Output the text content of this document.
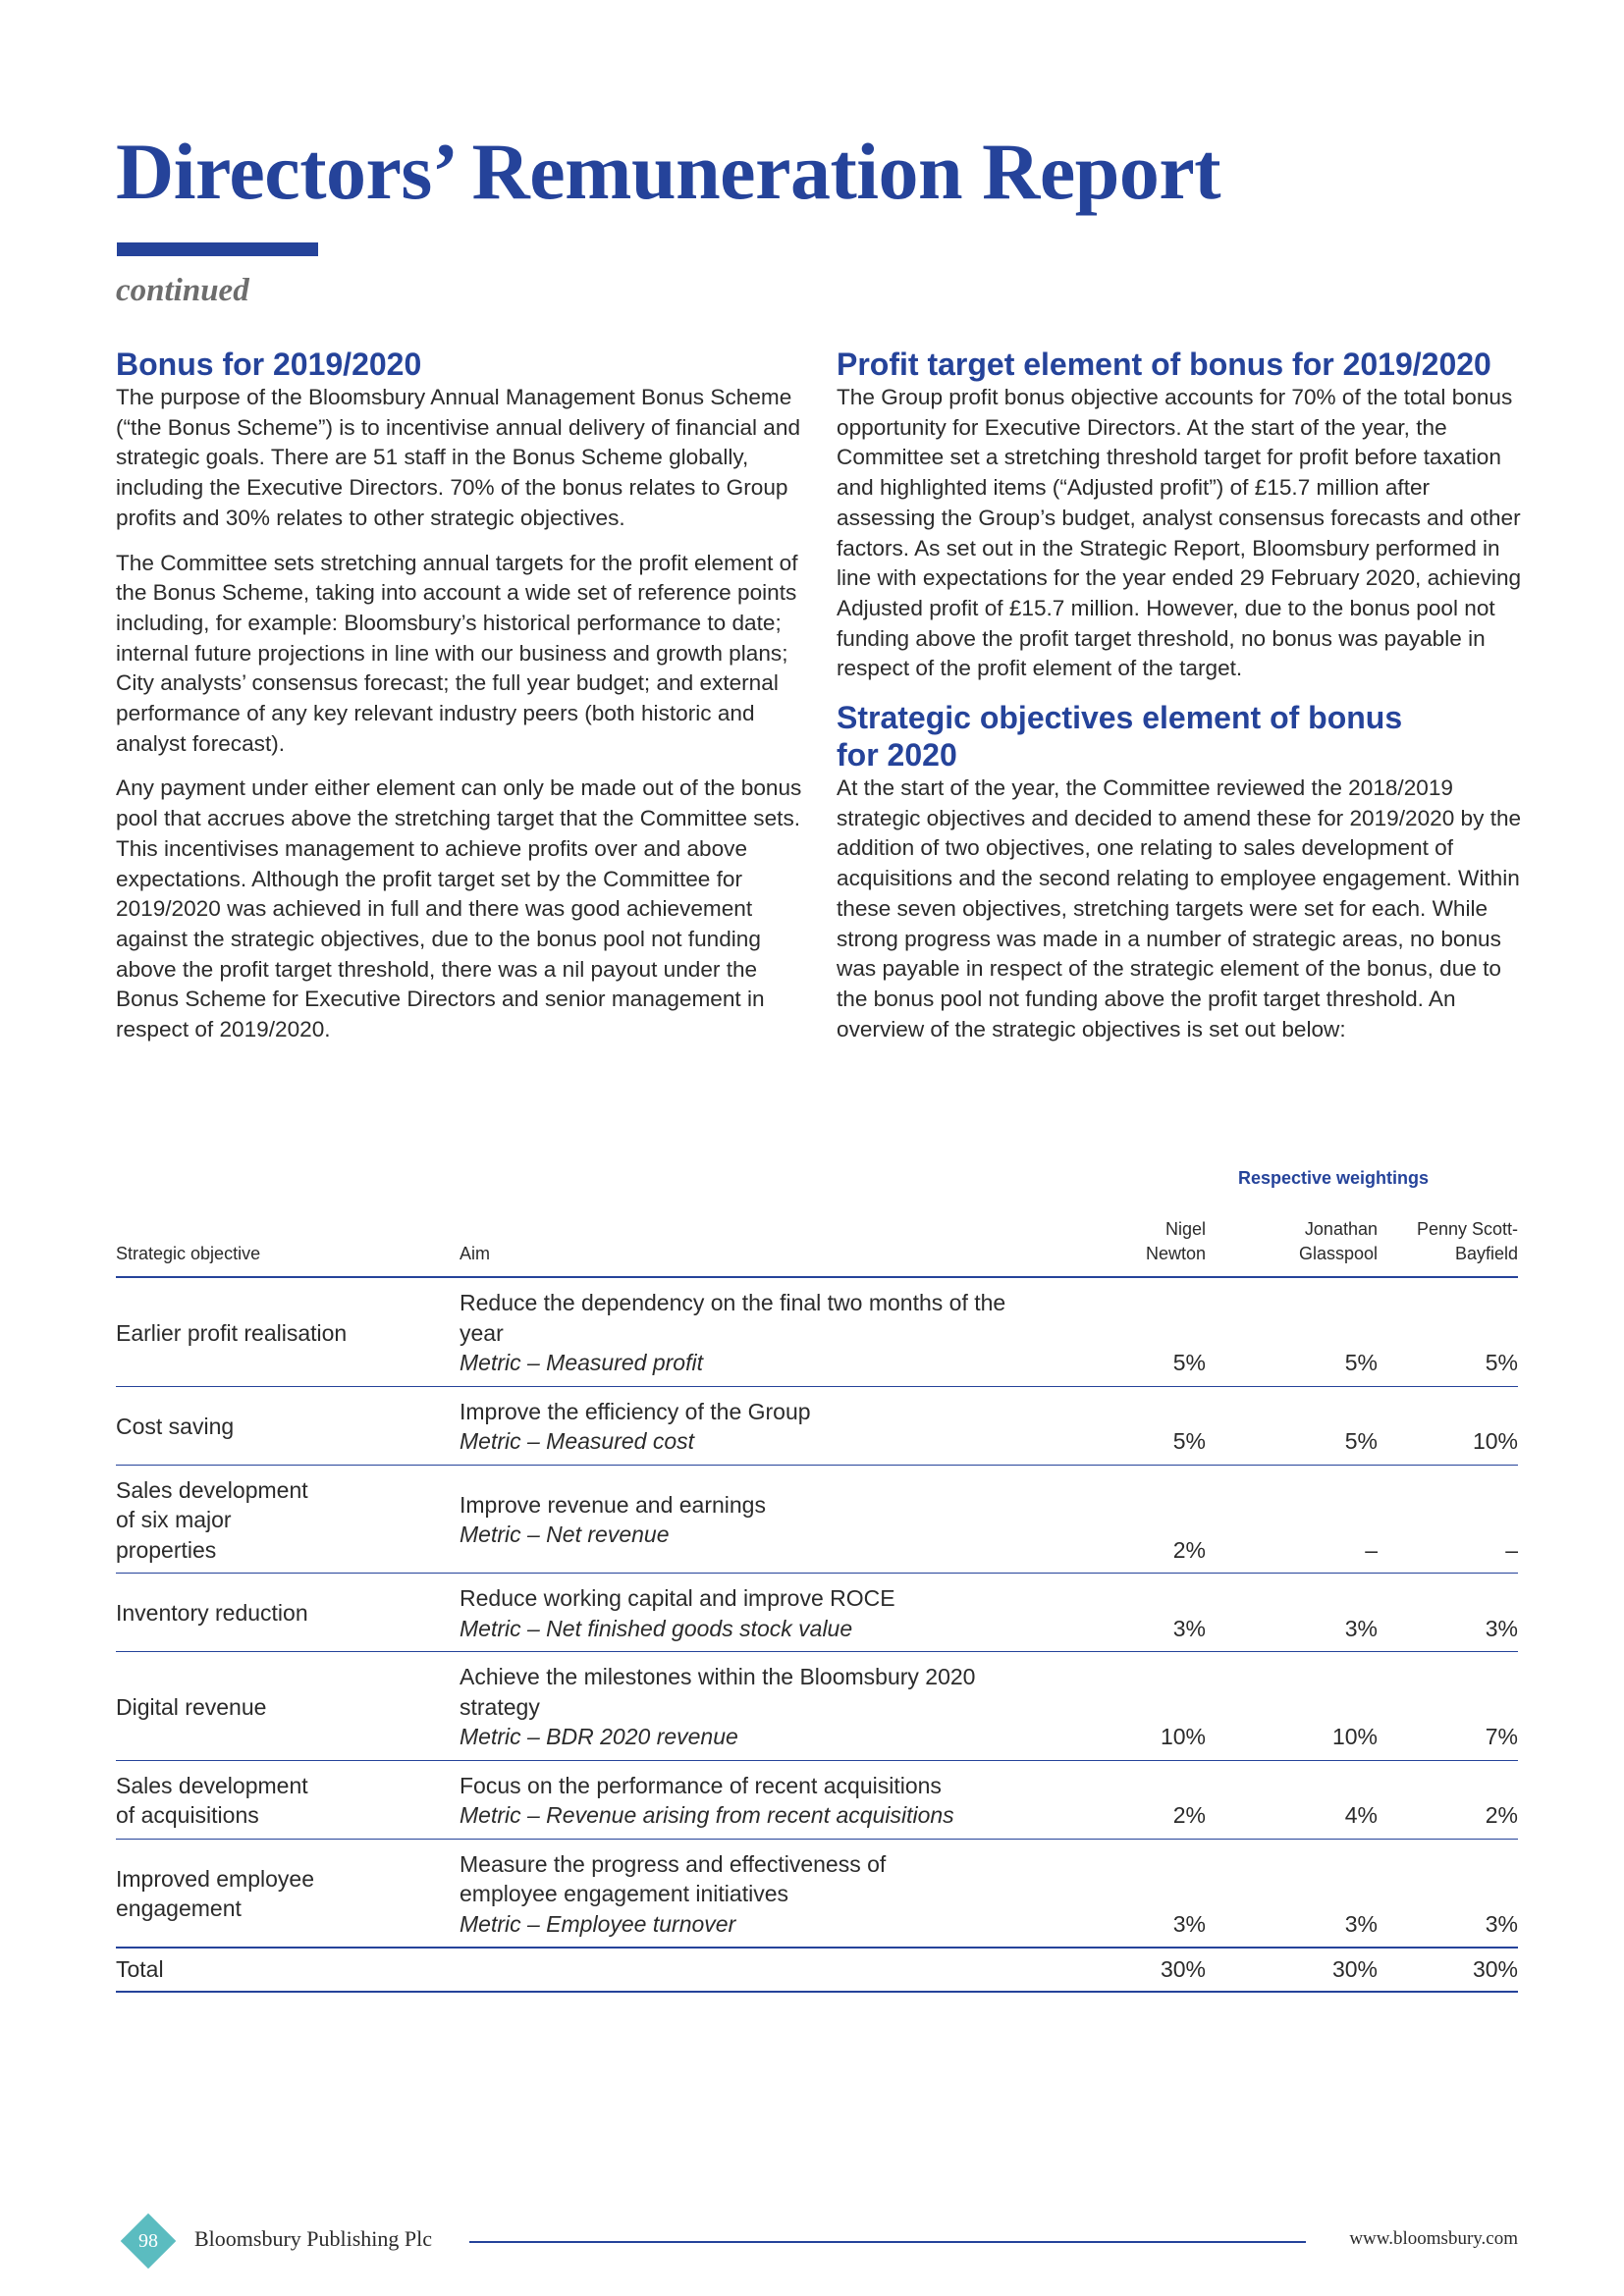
Directors’ Remuneration Report
continued
Bonus for 2019/2020

The purpose of the Bloomsbury Annual Management Bonus Scheme (“the Bonus Scheme”) is to incentivise annual delivery of financial and strategic goals. There are 51 staff in the Bonus Scheme globally, including the Executive Directors. 70% of the bonus relates to Group profits and 30% relates to other strategic objectives.

The Committee sets stretching annual targets for the profit element of the Bonus Scheme, taking into account a wide set of reference points including, for example: Bloomsbury’s historical performance to date; internal future projections in line with our business and growth plans; City analysts’ consensus forecast; the full year budget; and external performance of any key relevant industry peers (both historic and analyst forecast).

Any payment under either element can only be made out of the bonus pool that accrues above the stretching target that the Committee sets. This incentivises management to achieve profits over and above expectations. Although the profit target set by the Committee for 2019/2020 was achieved in full and there was good achievement against the strategic objectives, due to the bonus pool not funding above the profit target threshold, there was a nil payout under the Bonus Scheme for Executive Directors and senior management in respect of 2019/2020.

Profit target element of bonus for 2019/2020

The Group profit bonus objective accounts for 70% of the total bonus opportunity for Executive Directors. At the start of the year, the Committee set a stretching threshold target for profit before taxation and highlighted items (“Adjusted profit”) of £15.7 million after assessing the Group’s budget, analyst consensus forecasts and other factors. As set out in the Strategic Report, Bloomsbury performed in line with expectations for the year ended 29 February 2020, achieving Adjusted profit of £15.7 million. However, due to the bonus pool not funding above the profit target threshold, no bonus was payable in respect of the profit element of the target.

Strategic objectives element of bonus for 2020

At the start of the year, the Committee reviewed the 2018/2019 strategic objectives and decided to amend these for 2019/2020 by the addition of two objectives, one relating to sales development of acquisitions and the second relating to employee engagement. Within these seven objectives, stretching targets were set for each. While strong progress was made in a number of strategic areas, no bonus was payable in respect of the strategic element of the bonus, due to the bonus pool not funding above the profit target threshold. An overview of the strategic objectives is set out below:

Respective weightings
Strategic objective	Aim	Nigel Newton	Jonathan Glasspool	Penny Scott-Bayfield
Earlier profit realisation	Reduce the dependency on the final two months of the year
Metric – Measured profit	5%	5%	5%
Cost saving	Improve the efficiency of the Group
Metric – Measured cost	5%	5%	10%
Sales development of six major properties	Improve revenue and earnings
Metric – Net revenue	2%	–	–
Inventory reduction	Reduce working capital and improve ROCE
Metric – Net finished goods stock value	3%	3%	3%
Digital revenue	Achieve the milestones within the Bloomsbury 2020 strategy
Metric – BDR 2020 revenue	10%	10%	7%
Sales development of acquisitions	Focus on the performance of recent acquisitions
Metric – Revenue arising from recent acquisitions	2%	4%	2%
Improved employee engagement	Measure the progress and effectiveness of employee engagement initiatives
Metric – Employee turnover	3%	3%	3%
Total		30%	30%	30%
98	Bloomsbury Publishing Plc	www.bloomsbury.com
